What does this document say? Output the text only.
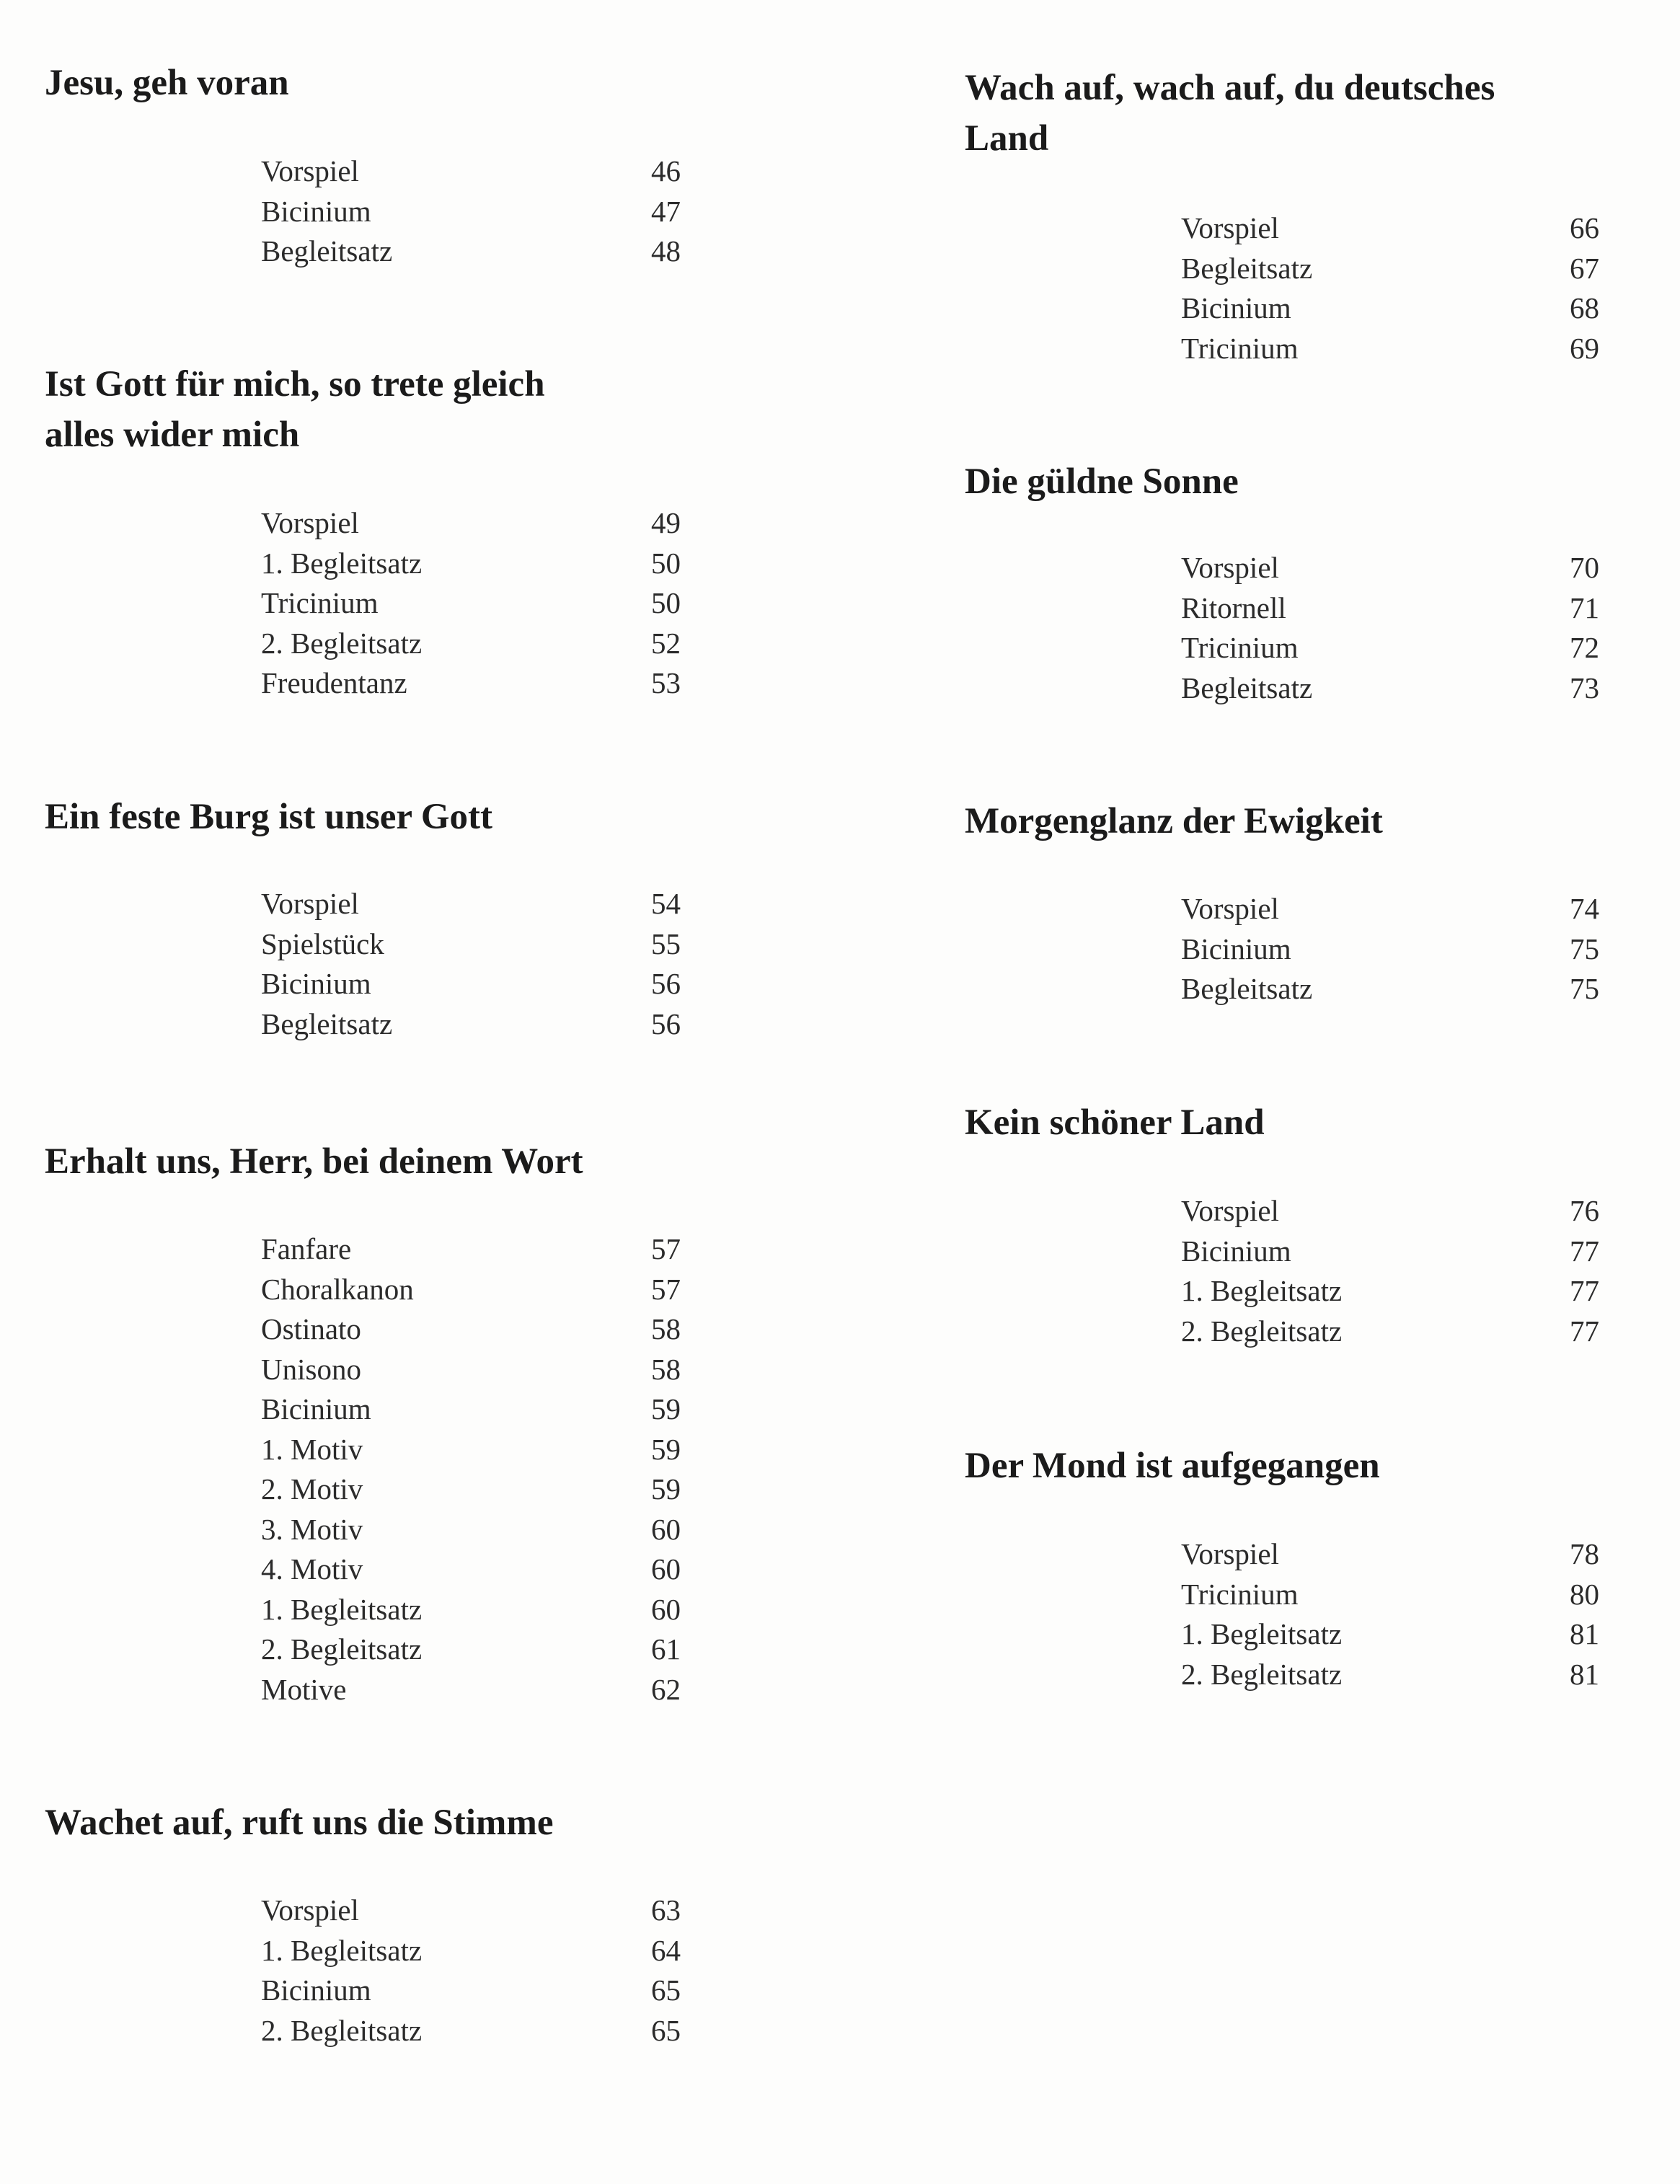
Jesu, geh voran
Vorspiel	46
Bicinium	47
Begleitsatz	48
Ist Gott für mich, so trete gleich
alles wider mich
Vorspiel	49
1. Begleitsatz	50
Tricinium	50
2. Begleitsatz	52
Freudentanz	53
Ein feste Burg ist unser Gott
Vorspiel	54
Spielstück	55
Bicinium	56
Begleitsatz	56
Erhalt uns, Herr, bei deinem Wort
Fanfare	57
Choralkanon	57
Ostinato	58
Unisono	58
Bicinium	59
1. Motiv	59
2. Motiv	59
3. Motiv	60
4. Motiv	60
1. Begleitsatz	60
2. Begleitsatz	61
Motive	62
Wachet auf, ruft uns die Stimme
Vorspiel	63
1. Begleitsatz	64
Bicinium	65
2. Begleitsatz	65
Wach auf, wach auf, du deutsches
Land
Vorspiel	66
Begleitsatz	67
Bicinium	68
Tricinium	69
Die güldne Sonne
Vorspiel	70
Ritornell	71
Tricinium	72
Begleitsatz	73
Morgenglanz der Ewigkeit
Vorspiel	74
Bicinium	75
Begleitsatz	75
Kein schöner Land
Vorspiel	76
Bicinium	77
1. Begleitsatz	77
2. Begleitsatz	77
Der Mond ist aufgegangen
Vorspiel	78
Tricinium	80
1. Begleitsatz	81
2. Begleitsatz	81
